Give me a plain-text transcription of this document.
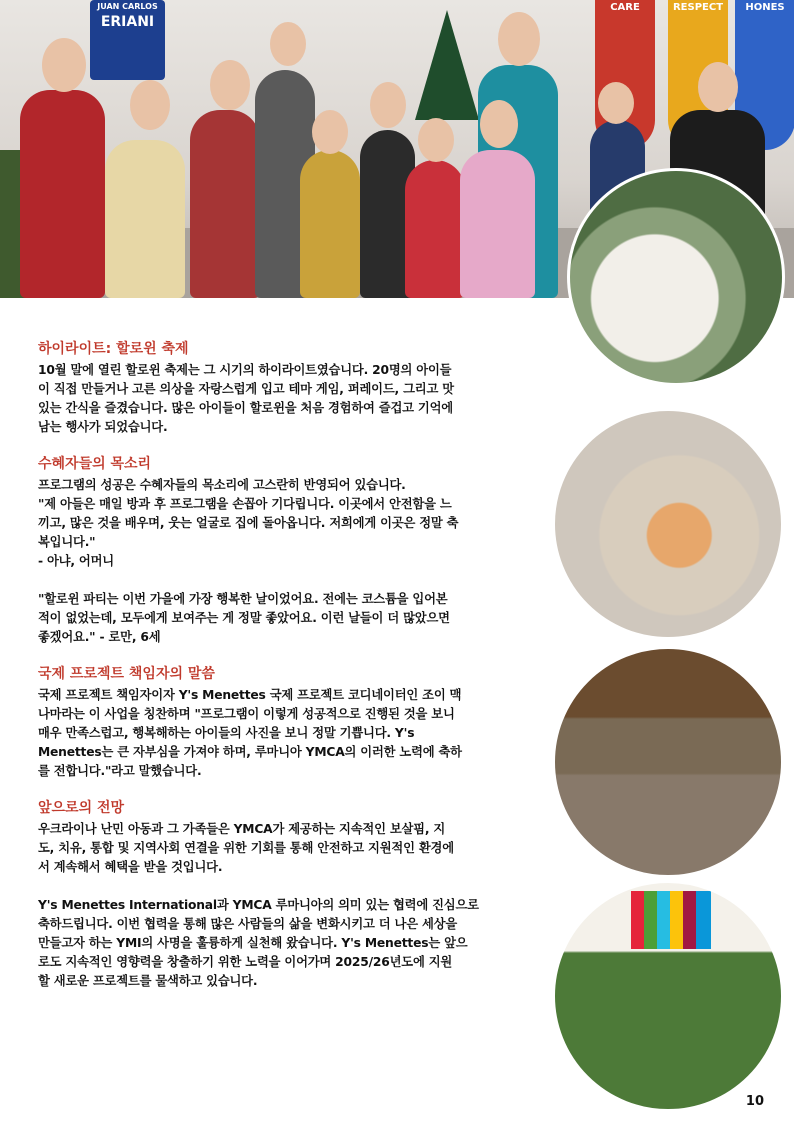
JUAN CARLOS
ERIANI
CARE	RESPECT	HONES
하이라이트: 할로윈 축제

10월 말에 열린 할로윈 축제는 그 시기의 하이라이트였습니다. 20명의 아이들
이 직접 만들거나 고른 의상을 자랑스럽게 입고 테마 게임, 퍼레이드, 그리고 맛
있는 간식을 즐겼습니다. 많은 아이들이 할로윈을 처음 경험하여 즐겁고 기억에
남는 행사가 되었습니다.

수혜자들의 목소리

프로그램의 성공은 수혜자들의 목소리에 고스란히 반영되어 있습니다.
"제 아들은 매일 방과 후 프로그램을 손꼽아 기다립니다. 이곳에서 안전함을 느
끼고, 많은 것을 배우며, 웃는 얼굴로 집에 돌아옵니다. 저희에게 이곳은 정말 축
복입니다."
- 아냐, 어머니

"할로윈 파티는 이번 가을에 가장 행복한 날이었어요. 전에는 코스튬을 입어본
적이 없었는데, 모두에게 보여주는 게 정말 좋았어요. 이런 날들이 더 많았으면
좋겠어요." - 로만, 6세

국제 프로젝트 책임자의 말씀

국제 프로젝트 책임자이자 Y's Menettes 국제 프로젝트 코디네이터인 조이 맥
나마라는 이 사업을 칭찬하며 "프로그램이 이렇게 성공적으로 진행된 것을 보니
매우 만족스럽고, 행복해하는 아이들의 사진을 보니 정말 기쁩니다. Y's
Menettes는 큰 자부심을 가져야 하며, 루마니아 YMCA의 이러한 노력에 축하
를 전합니다."라고 말했습니다.

앞으로의 전망

우크라이나 난민 아동과 그 가족들은 YMCA가 제공하는 지속적인 보살핌, 지
도, 치유, 통합 및 지역사회 연결을 위한 기회를 통해 안전하고 지원적인 환경에
서 계속해서 혜택을 받을 것입니다.

Y's Menettes International과 YMCA 루마니아의 의미 있는 협력에 진심으로
축하드립니다. 이번 협력을 통해 많은 사람들의 삶을 변화시키고 더 나은 세상을
만들고자 하는 YMI의 사명을 훌륭하게 실천해 왔습니다. Y's Menettes는 앞으
로도 지속적인 영향력을 창출하기 위한 노력을 이어가며 2025/26년도에 지원
할 새로운 프로젝트를 물색하고 있습니다.

10
